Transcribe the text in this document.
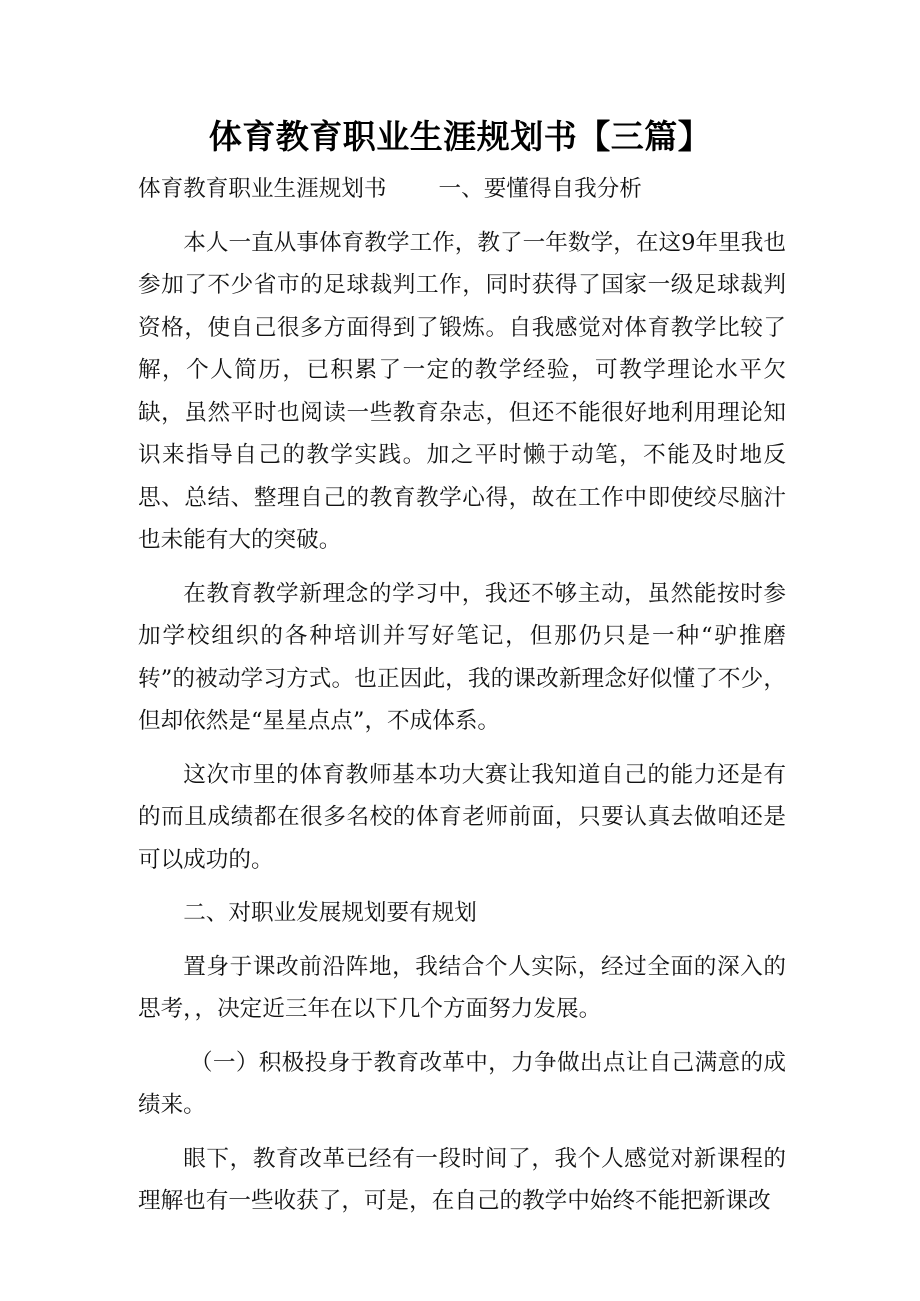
体育教育职业生涯规划书【三篇】

体育教育职业生涯规划书 一、要懂得自我分析

本人一直从事体育教学工作，教了一年数学，在这9年里我也参加了不少省市的足球裁判工作，同时获得了国家一级足球裁判资格，使自己很多方面得到了锻炼。自我感觉对体育教学比较了解，个人简历，已积累了一定的教学经验，可教学理论水平欠缺，虽然平时也阅读一些教育杂志，但还不能很好地利用理论知识来指导自己的教学实践。加之平时懒于动笔，不能及时地反思、总结、整理自己的教育教学心得，故在工作中即使绞尽脑汁也未能有大的突破。

在教育教学新理念的学习中，我还不够主动，虽然能按时参加学校组织的各种培训并写好笔记，但那仍只是一种“驴推磨转”的被动学习方式。也正因此，我的课改新理念好似懂了不少，但却依然是“星星点点”，不成体系。

这次市里的体育教师基本功大赛让我知道自己的能力还是有的而且成绩都在很多名校的体育老师前面，只要认真去做咱还是可以成功的。

二、对职业发展规划要有规划

置身于课改前沿阵地，我结合个人实际，经过全面的深入的思考，，决定近三年在以下几个方面努力发展。

（一）积极投身于教育改革中，力争做出点让自己满意的成绩来。

眼下，教育改革已经有一段时间了，我个人感觉对新课程的理解也有一些收获了，可是，在自己的教学中始终不能把新课改
